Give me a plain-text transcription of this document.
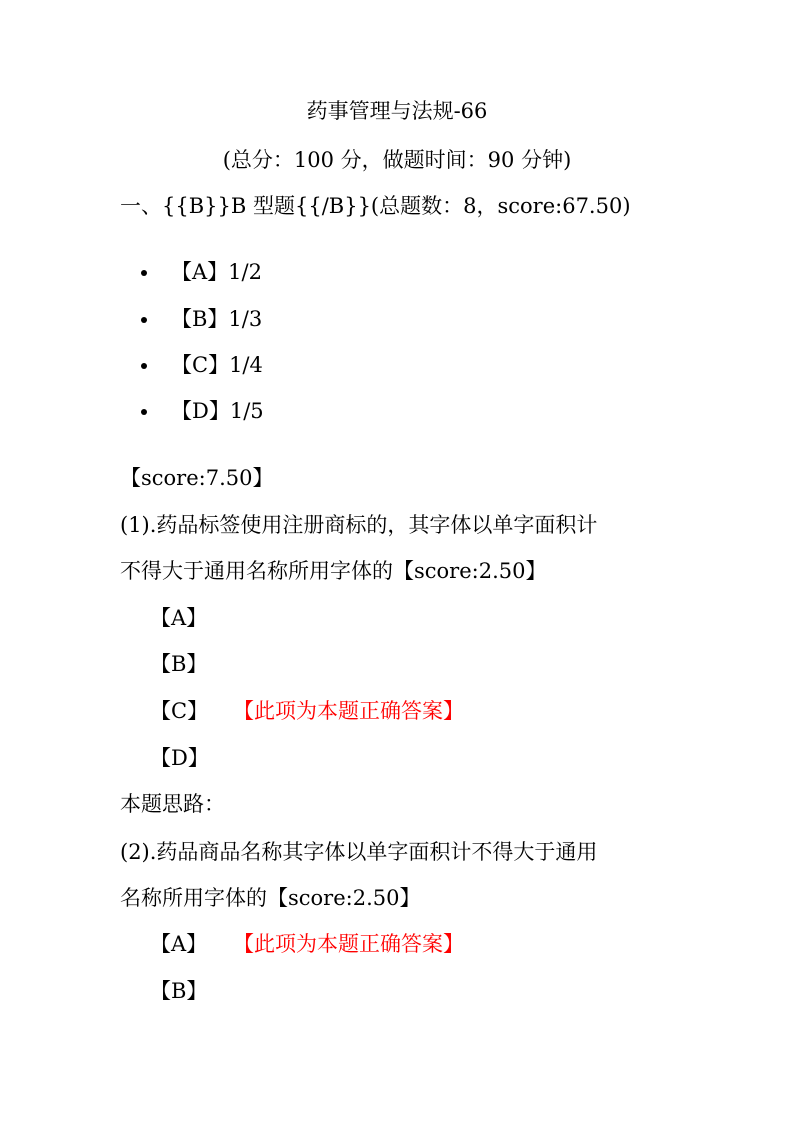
药事管理与法规-66
(总分：100 分，做题时间：90 分钟)
一、{{B}}B 型题{{/B}}(总题数：8，score:67.50)
【A】1/2
【B】1/3
【C】1/4
【D】1/5
【score:7.50】
(1).药品标签使用注册商标的，其字体以单字面积计
不得大于通用名称所用字体的【score:2.50】
【A】
【B】
【C】 【此项为本题正确答案】
【D】
本题思路：
(2).药品商品名称其字体以单字面积计不得大于通用
名称所用字体的【score:2.50】
【A】 【此项为本题正确答案】
【B】
